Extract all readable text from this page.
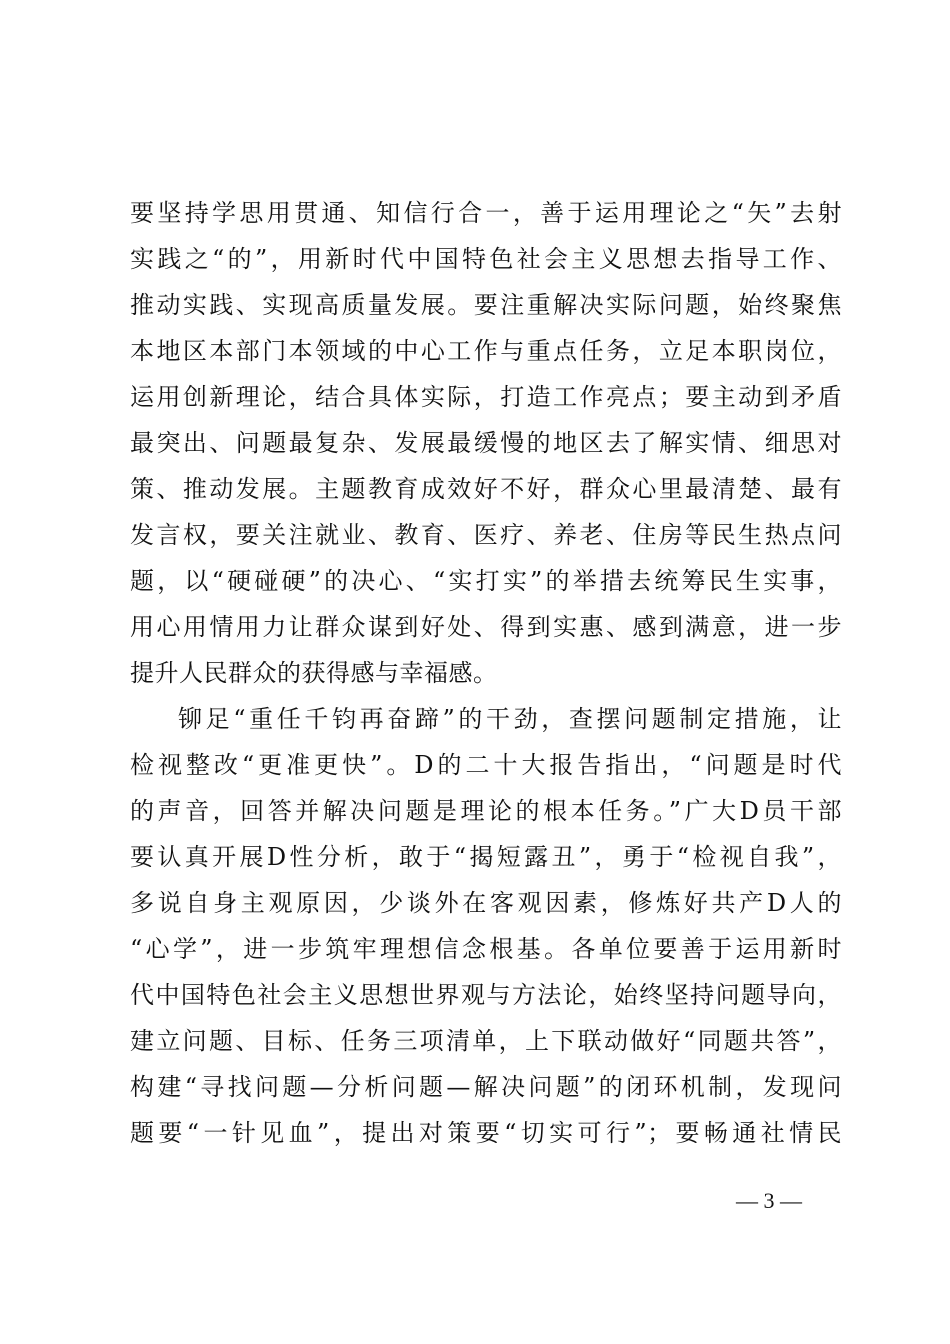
要坚持学思用贯通、知信行合一，善于运用理论之“矢”去射
实践之“的”，用新时代中国特色社会主义思想去指导工作、
推动实践、实现高质量发展。要注重解决实际问题，始终聚焦
本地区本部门本领域的中心工作与重点任务，立足本职岗位，
运用创新理论，结合具体实际，打造工作亮点；要主动到矛盾
最突出、问题最复杂、发展最缓慢的地区去了解实情、细思对
策、推动发展。主题教育成效好不好，群众心里最清楚、最有
发言权，要关注就业、教育、医疗、养老、住房等民生热点问
题，以“硬碰硬”的决心、“实打实”的举措去统筹民生实事，
用心用情用力让群众谋到好处、得到实惠、感到满意，进一步
提升人民群众的获得感与幸福感。
铆足“重任千钧再奋蹄”的干劲，查摆问题制定措施，让
检视整改“更准更快”。D的二十大报告指出，“问题是时代
的声音，回答并解决问题是理论的根本任务。”广大D员干部
要认真开展D性分析，敢于“揭短露丑”，勇于“检视自我”，
多说自身主观原因，少谈外在客观因素，修炼好共产D人的
“心学”，进一步筑牢理想信念根基。各单位要善于运用新时
代中国特色社会主义思想世界观与方法论，始终坚持问题导向，
建立问题、目标、任务三项清单，上下联动做好“同题共答”，
构建“寻找问题—分析问题—解决问题”的闭环机制，发现问
题要“一针见血”，提出对策要“切实可行”；要畅通社情民
— 3 —
